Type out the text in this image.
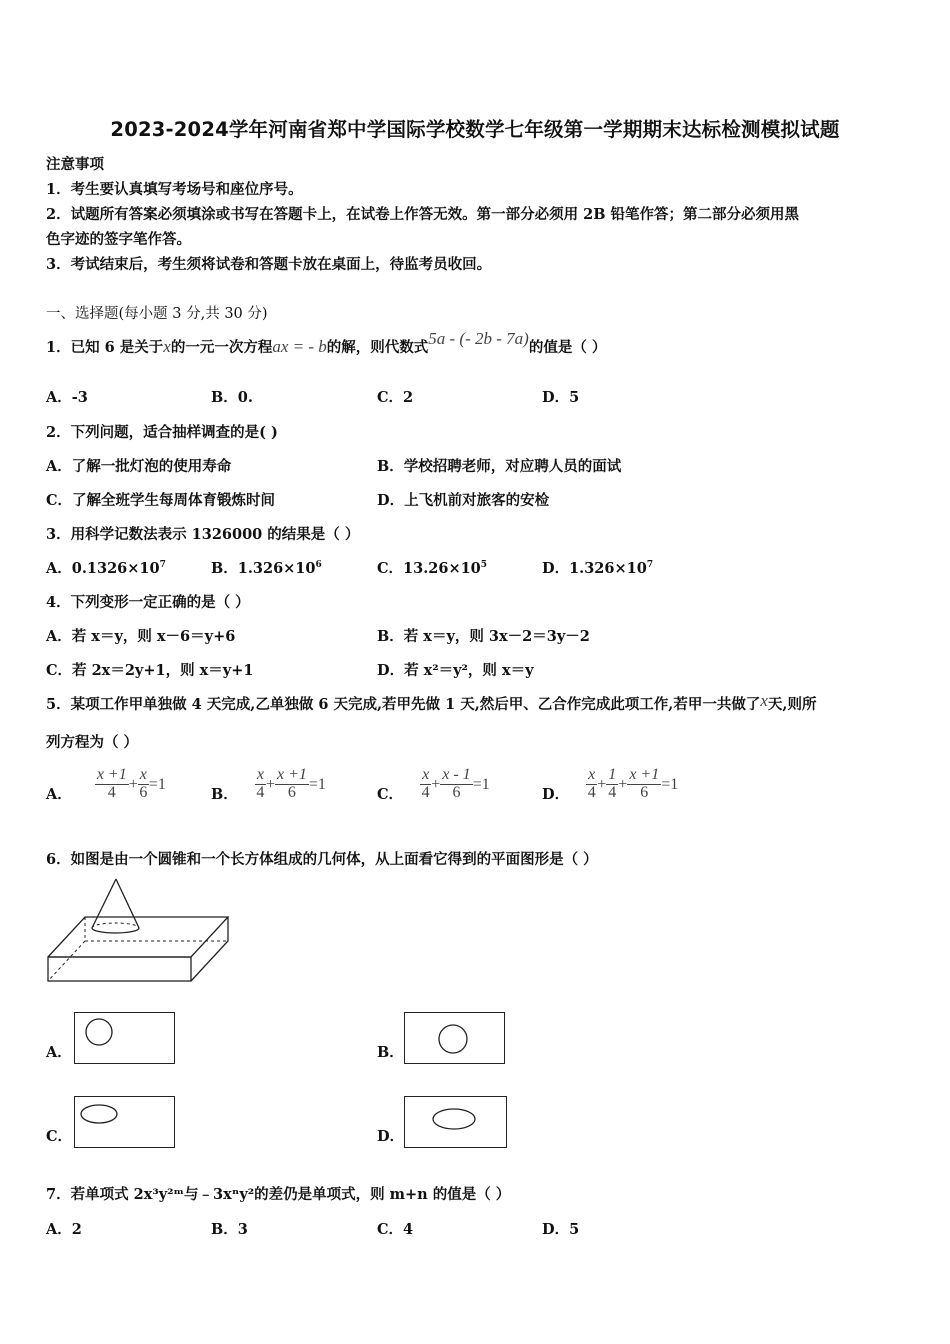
2023-2024学年河南省郑中学国际学校数学七年级第一学期期末达标检测模拟试题
注意事项
1．考生要认真填写考场号和座位序号。
2．试题所有答案必须填涂或书写在答题卡上，在试卷上作答无效。第一部分必须用 2B 铅笔作答；第二部分必须用黑
色字迹的签字笔作答。
3．考试结束后，考生须将试卷和答题卡放在桌面上，待监考员收回。
一、选择题(每小题 3 分,共 30 分)
1．已知 6 是关于x的一元一次方程ax = - b的解，则代数式5a - (- 2b - 7a)的值是（ ）
A．-3	B．0.	C．2	D．5
2．下列问题，适合抽样调查的是( )
A．了解一批灯泡的使用寿命	B．学校招聘老师，对应聘人员的面试
C．了解全班学生每周体育锻炼时间	D．上飞机前对旅客的安检
3．用科学记数法表示 1326000 的结果是（ ）
A．$0.1326\times 10^7$	B．$1.326\times 10^6$	C．$13.26\times 10^5$	D．$1.326\times 10^7$
4．下列变形一定正确的是（ ）
A．若 x＝y，则 x－6＝y+6	B．若 x＝y，则 3x－2＝3y－2
C．若 2x＝2y+1，则 x＝y+1	D．若 x²＝y²，则 x＝y
5．某项工作甲单独做 4 天完成,乙单独做 6 天完成,若甲先做 1 天,然后甲、乙合作完成此项工作,若甲一共做了x天,则所
列方程为（ ）
A． $\frac{x +1}{4} + \frac{x}{6} =1$
B． $\frac{x}{4} + \frac{x +1}{6} =1$
C． $\frac{x}{4} + \frac{x - 1}{6} =1$
D． $\frac{x}{4} + \frac{1}{4} + \frac{x +1}{6} =1$
6．如图是由一个圆锥和一个长方体组成的几何体，从上面看它得到的平面图形是（ ）
A．	B．
C．	D．
7．若单项式 2x³y²ᵐ与﹣3xⁿy²的差仍是单项式，则 m+n 的值是（ ）
A．2	B．3	C．4	D．5
